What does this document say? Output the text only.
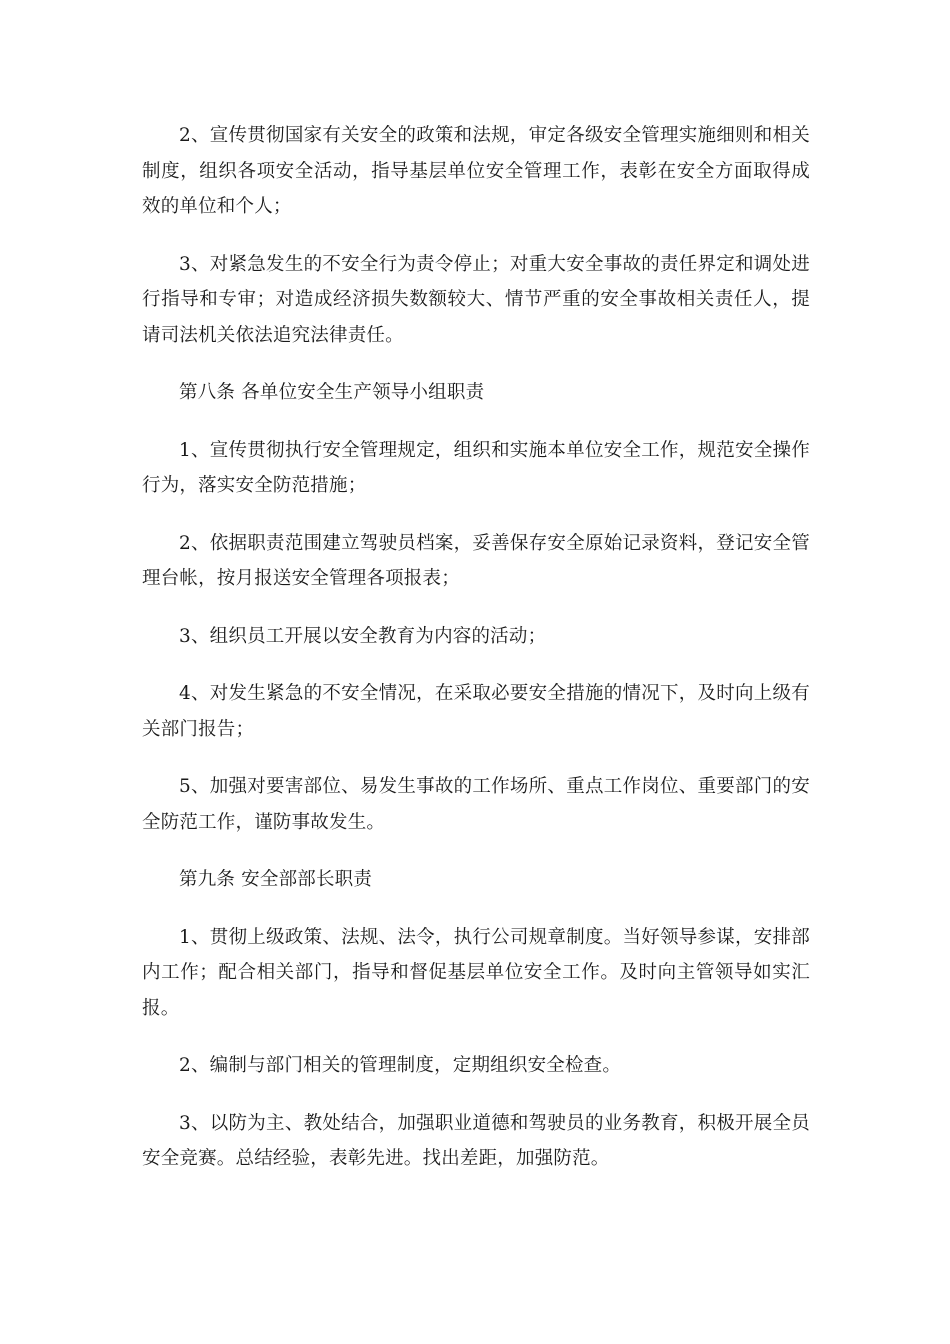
2、宣传贯彻国家有关安全的政策和法规，审定各级安全管理实施细则和相关制度，组织各项安全活动，指导基层单位安全管理工作，表彰在安全方面取得成效的单位和个人；

3、对紧急发生的不安全行为责令停止；对重大安全事故的责任界定和调处进行指导和专审；对造成经济损失数额较大、情节严重的安全事故相关责任人，提请司法机关依法追究法律责任。

第八条 各单位安全生产领导小组职责

1、宣传贯彻执行安全管理规定，组织和实施本单位安全工作，规范安全操作行为，落实安全防范措施；

2、依据职责范围建立驾驶员档案，妥善保存安全原始记录资料，登记安全管理台帐，按月报送安全管理各项报表；

3、组织员工开展以安全教育为内容的活动；

4、对发生紧急的不安全情况，在采取必要安全措施的情况下，及时向上级有关部门报告；

5、加强对要害部位、易发生事故的工作场所、重点工作岗位、重要部门的安全防范工作，谨防事故发生。

第九条 安全部部长职责

1、贯彻上级政策、法规、法令，执行公司规章制度。当好领导参谋，安排部内工作；配合相关部门，指导和督促基层单位安全工作。及时向主管领导如实汇报。

2、编制与部门相关的管理制度，定期组织安全检查。

3、以防为主、教处结合，加强职业道德和驾驶员的业务教育，积极开展全员安全竞赛。总结经验，表彰先进。找出差距，加强防范。
